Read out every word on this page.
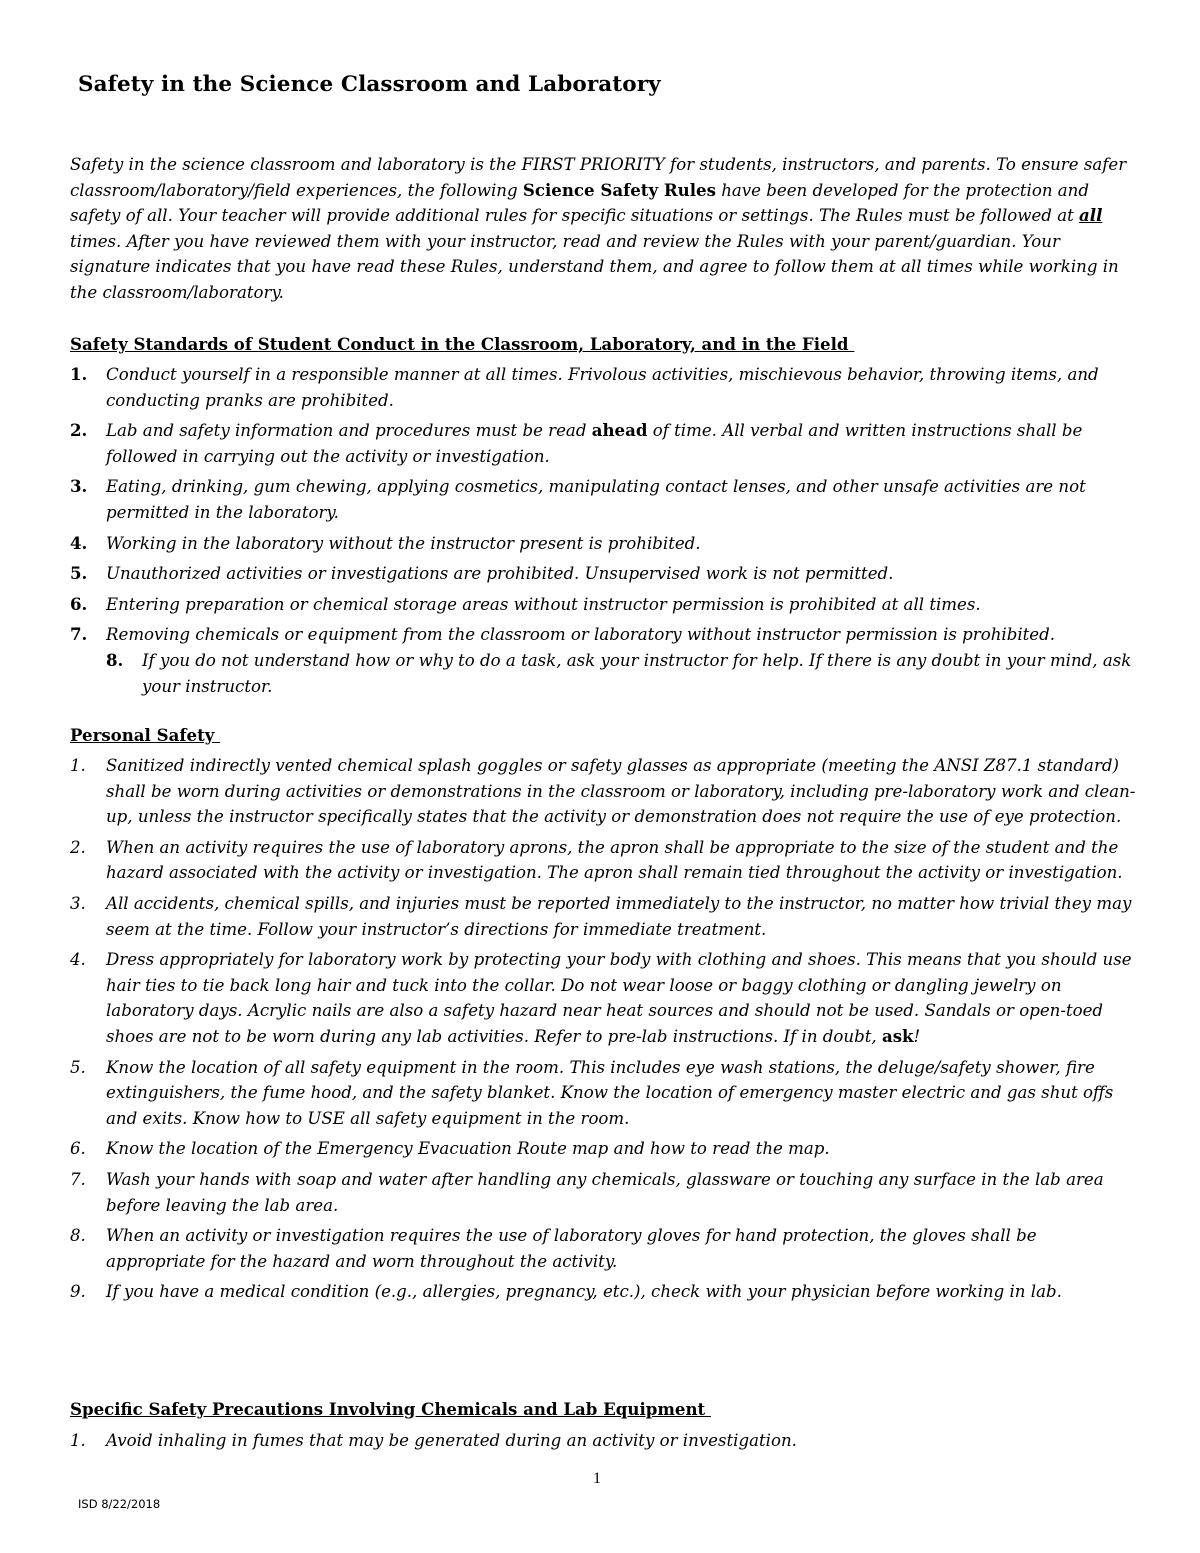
Safety in the Science Classroom and Laboratory
Safety in the science classroom and laboratory is the FIRST PRIORITY for students, instructors, and parents. To ensure safer classroom/laboratory/field experiences, the following Science Safety Rules have been developed for the protection and safety of all. Your teacher will provide additional rules for specific situations or settings. The Rules must be followed at all times. After you have reviewed them with your instructor, read and review the Rules with your parent/guardian. Your signature indicates that you have read these Rules, understand them, and agree to follow them at all times while working in the classroom/laboratory.
Safety Standards of Student Conduct in the Classroom, Laboratory, and in the Field
1. Conduct yourself in a responsible manner at all times. Frivolous activities, mischievous behavior, throwing items, and conducting pranks are prohibited.
2. Lab and safety information and procedures must be read ahead of time. All verbal and written instructions shall be followed in carrying out the activity or investigation.
3. Eating, drinking, gum chewing, applying cosmetics, manipulating contact lenses, and other unsafe activities are not permitted in the laboratory.
4. Working in the laboratory without the instructor present is prohibited.
5. Unauthorized activities or investigations are prohibited. Unsupervised work is not permitted.
6. Entering preparation or chemical storage areas without instructor permission is prohibited at all times.
7. Removing chemicals or equipment from the classroom or laboratory without instructor permission is prohibited.
8. If you do not understand how or why to do a task, ask your instructor for help. If there is any doubt in your mind, ask your instructor.
Personal Safety
1. Sanitized indirectly vented chemical splash goggles or safety glasses as appropriate (meeting the ANSI Z87.1 standard) shall be worn during activities or demonstrations in the classroom or laboratory, including pre-laboratory work and clean-up, unless the instructor specifically states that the activity or demonstration does not require the use of eye protection.
2. When an activity requires the use of laboratory aprons, the apron shall be appropriate to the size of the student and the hazard associated with the activity or investigation. The apron shall remain tied throughout the activity or investigation.
3. All accidents, chemical spills, and injuries must be reported immediately to the instructor, no matter how trivial they may seem at the time. Follow your instructor’s directions for immediate treatment.
4. Dress appropriately for laboratory work by protecting your body with clothing and shoes. This means that you should use hair ties to tie back long hair and tuck into the collar. Do not wear loose or baggy clothing or dangling jewelry on laboratory days. Acrylic nails are also a safety hazard near heat sources and should not be used. Sandals or open-toed shoes are not to be worn during any lab activities. Refer to pre-lab instructions. If in doubt, ask!
5. Know the location of all safety equipment in the room. This includes eye wash stations, the deluge/safety shower, fire extinguishers, the fume hood, and the safety blanket. Know the location of emergency master electric and gas shut offs and exits. Know how to USE all safety equipment in the room.
6. Know the location of the Emergency Evacuation Route map and how to read the map.
7. Wash your hands with soap and water after handling any chemicals, glassware or touching any surface in the lab area before leaving the lab area.
8. When an activity or investigation requires the use of laboratory gloves for hand protection, the gloves shall be appropriate for the hazard and worn throughout the activity.
9. If you have a medical condition (e.g., allergies, pregnancy, etc.), check with your physician before working in lab.
Specific Safety Precautions Involving Chemicals and Lab Equipment
1. Avoid inhaling in fumes that may be generated during an activity or investigation.
1
ISD 8/22/2018
